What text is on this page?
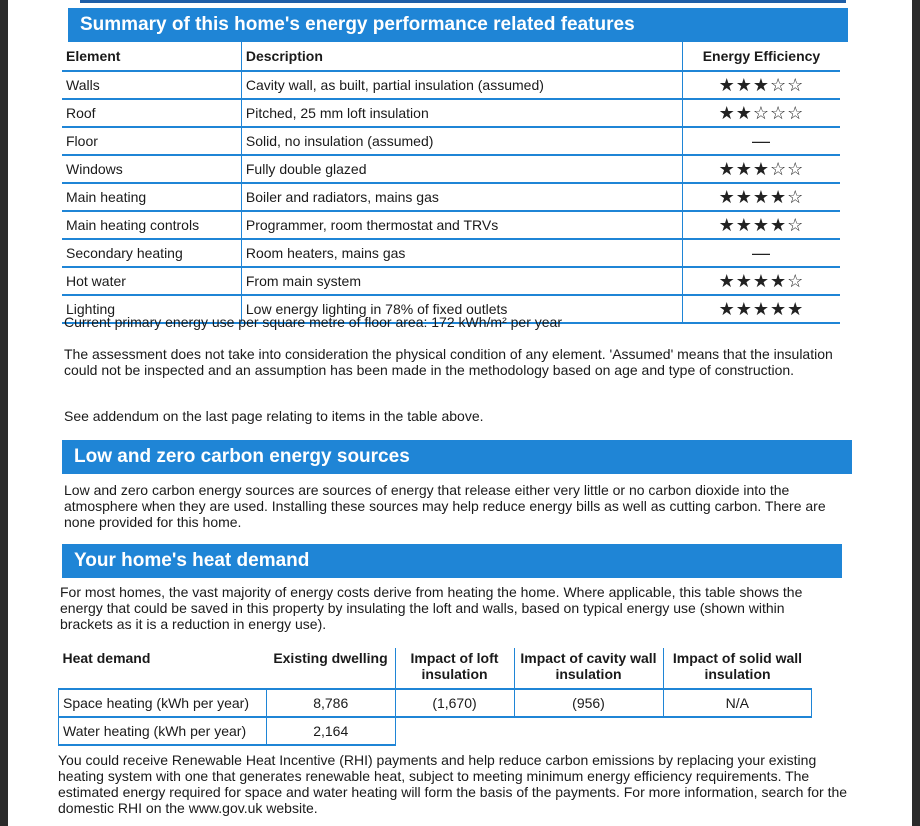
Summary of this home's energy performance related features
Element	Description	Energy Efficiency
Walls	Cavity wall, as built, partial insulation (assumed)	★★★☆☆
Roof	Pitched, 25 mm loft insulation	★★☆☆☆
Floor	Solid, no insulation (assumed)	—
Windows	Fully double glazed	★★★☆☆
Main heating	Boiler and radiators, mains gas	★★★★☆
Main heating controls	Programmer, room thermostat and TRVs	★★★★☆
Secondary heating	Room heaters, mains gas	—
Hot water	From main system	★★★★☆
Lighting	Low energy lighting in 78% of fixed outlets	★★★★★

Current primary energy use per square metre of floor area: 172 kWh/m² per year

The assessment does not take into consideration the physical condition of any element. 'Assumed' means that the insulation could not be inspected and an assumption has been made in the methodology based on age and type of construction.

See addendum on the last page relating to items in the table above.

Low and zero carbon energy sources

Low and zero carbon energy sources are sources of energy that release either very little or no carbon dioxide into the atmosphere when they are used. Installing these sources may help reduce energy bills as well as cutting carbon. There are none provided for this home.

Your home's heat demand

For most homes, the vast majority of energy costs derive from heating the home. Where applicable, this table shows the energy that could be saved in this property by insulating the loft and walls, based on typical energy use (shown within brackets as it is a reduction in energy use).

Heat demand	Existing dwelling	Impact of loft insulation	Impact of cavity wall insulation	Impact of solid wall insulation
Space heating (kWh per year)	8,786	(1,670)	(956)	N/A
Water heating (kWh per year)	2,164			

You could receive Renewable Heat Incentive (RHI) payments and help reduce carbon emissions by replacing your existing heating system with one that generates renewable heat, subject to meeting minimum energy efficiency requirements. The estimated energy required for space and water heating will form the basis of the payments. For more information, search for the domestic RHI on the www.gov.uk website.
